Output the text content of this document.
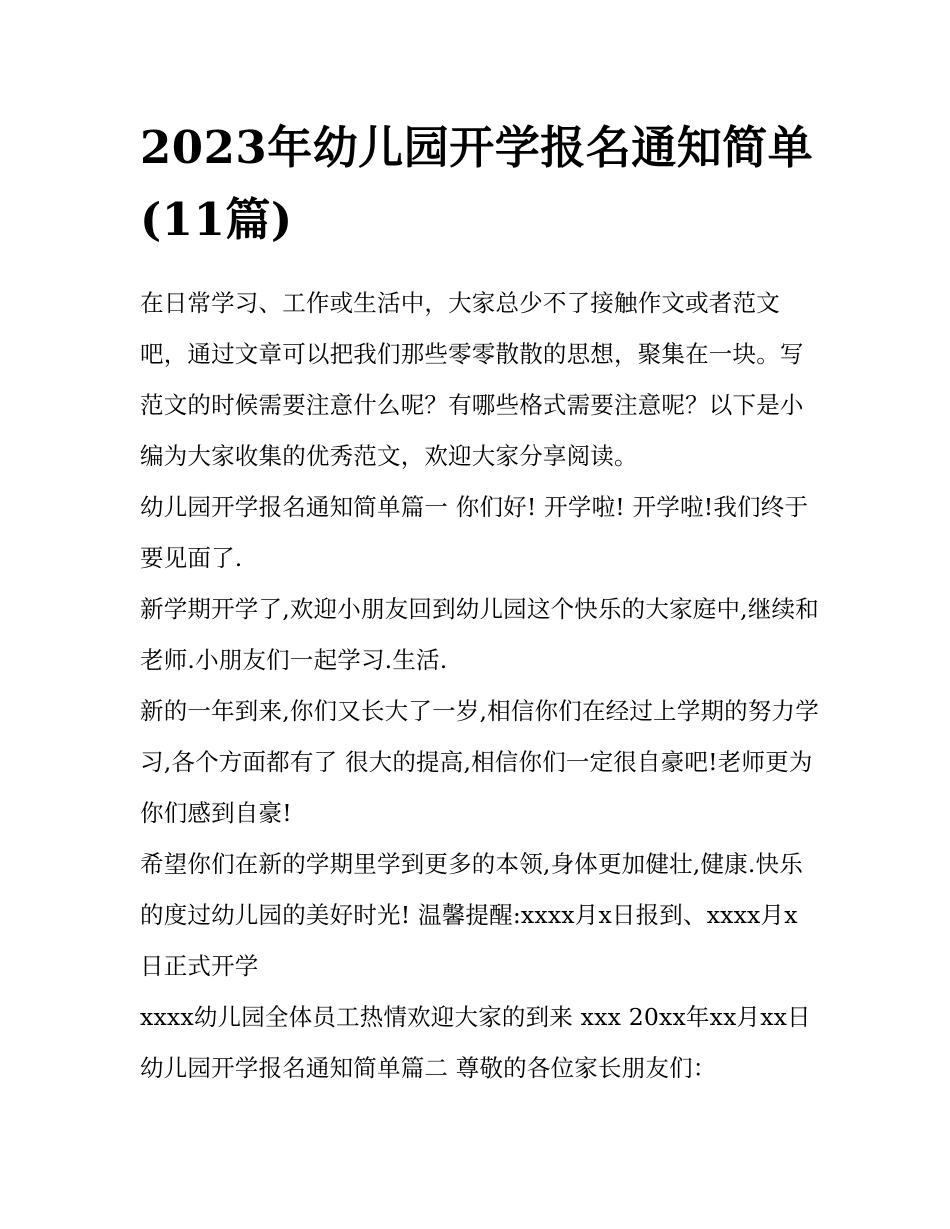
2023年幼儿园开学报名通知简单(11篇)

在日常学习、工作或生活中，大家总少不了接触作文或者范文吧，通过文章可以把我们那些零零散散的思想，聚集在一块。写范文的时候需要注意什么呢？有哪些格式需要注意呢？以下是小编为大家收集的优秀范文，欢迎大家分享阅读。

幼儿园开学报名通知简单篇一 你们好! 开学啦! 开学啦!我们终于要见面了.

新学期开学了,欢迎小朋友回到幼儿园这个快乐的大家庭中,继续和老师.小朋友们一起学习.生活.

新的一年到来,你们又长大了一岁,相信你们在经过上学期的努力学习,各个方面都有了 很大的提高,相信你们一定很自豪吧!老师更为你们感到自豪!

希望你们在新的学期里学到更多的本领,身体更加健壮,健康.快乐的度过幼儿园的美好时光! 温馨提醒:xxxx月x日报到、xxxx月x日正式开学

xxxx幼儿园全体员工热情欢迎大家的到来 xxx 20xx年xx月xx日 幼儿园开学报名通知简单篇二 尊敬的各位家长朋友们：
